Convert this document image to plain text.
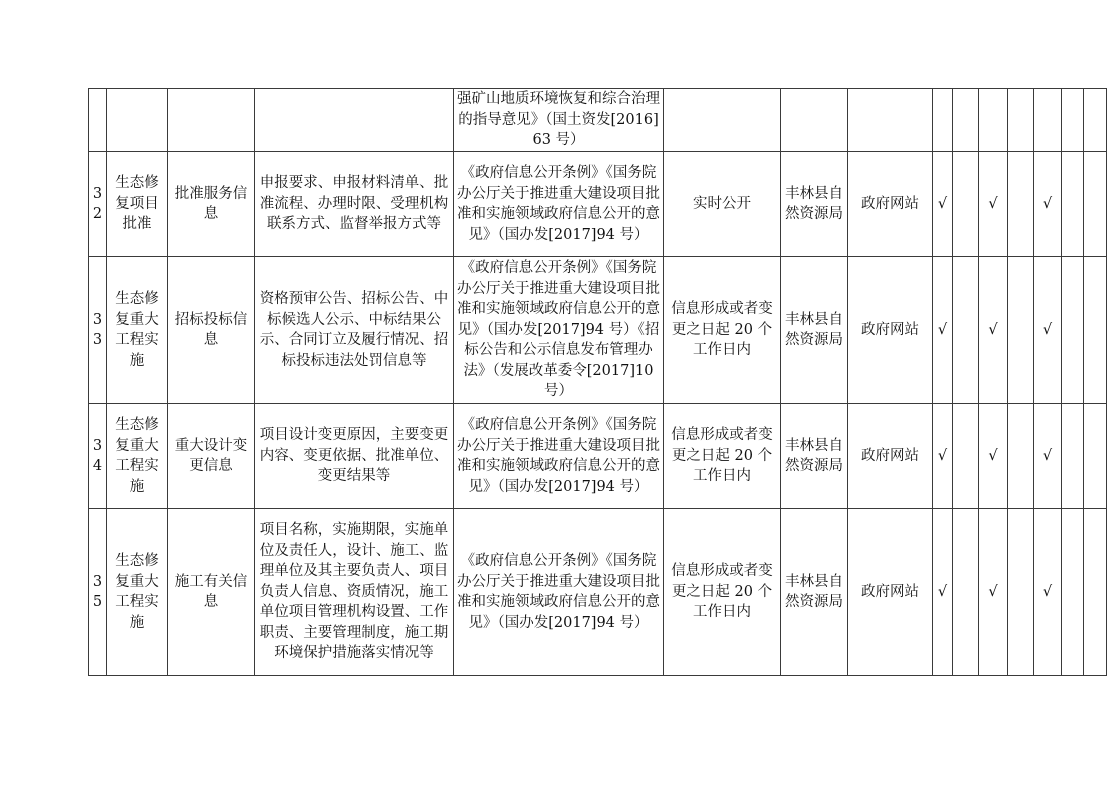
				强矿山地质环境恢复和综合治理的指导意见》（国土资发[2016]63 号）										
32	生态修复项目批准	批准服务信息	申报要求、申报材料清单、批准流程、办理时限、受理机构联系方式、监督举报方式等	《政府信息公开条例》《国务院办公厅关于推进重大建设项目批准和实施领域政府信息公开的意见》（国办发[2017]94 号）	实时公开	丰林县自然资源局	政府网站	√		√		√		
33	生态修复重大工程实施	招标投标信息	资格预审公告、招标公告、中标候选人公示、中标结果公示、合同订立及履行情况、招标投标违法处罚信息等	《政府信息公开条例》《国务院办公厅关于推进重大建设项目批准和实施领域政府信息公开的意见》（国办发[2017]94 号）《招标公告和公示信息发布管理办法》（发展改革委令[2017]10 号）	信息形成或者变更之日起 20 个工作日内	丰林县自然资源局	政府网站	√		√		√		
34	生态修复重大工程实施	重大设计变更信息	项目设计变更原因，主要变更内容、变更依据、批准单位、变更结果等	《政府信息公开条例》《国务院办公厅关于推进重大建设项目批准和实施领域政府信息公开的意见》（国办发[2017]94 号）	信息形成或者变更之日起 20 个工作日内	丰林县自然资源局	政府网站	√		√		√		
35	生态修复重大工程实施	施工有关信息	项目名称，实施期限，实施单位及责任人，设计、施工、监理单位及其主要负责人、项目负责人信息、资质情况，施工单位项目管理机构设置、工作职责、主要管理制度，施工期环境保护措施落实情况等	《政府信息公开条例》《国务院办公厅关于推进重大建设项目批准和实施领域政府信息公开的意见》（国办发[2017]94 号）	信息形成或者变更之日起 20 个工作日内	丰林县自然资源局	政府网站	√		√		√		
